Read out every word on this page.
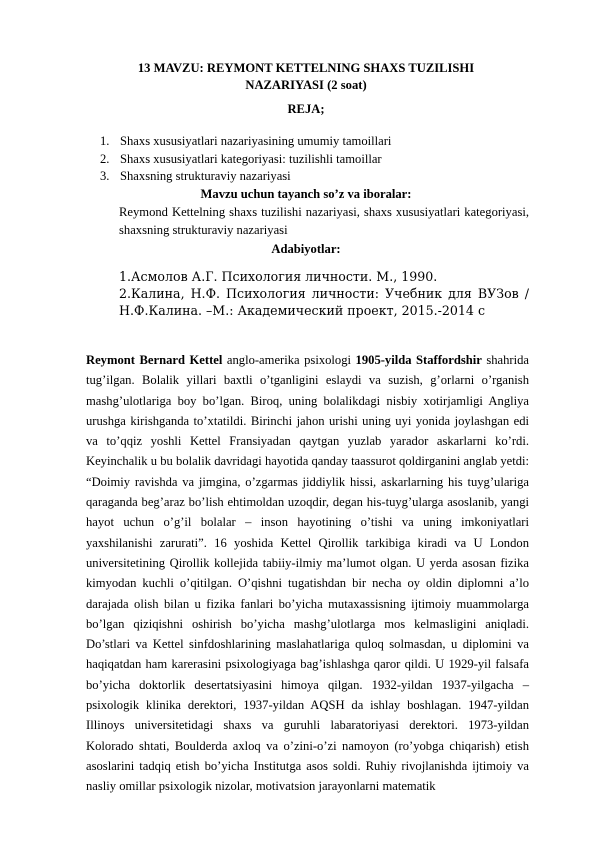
13 MAVZU: REYMONT KETTELNING SHAXS TUZILISHI
NAZARIYASI (2 soat)
REJA;
1. Shaxs xususiyatlari nazariyasining umumiy tamoillari
2. Shaxs xususiyatlari kategoriyasi: tuzilishli tamoillar
3. Shaxsning strukturaviy nazariyasi
Mavzu uchun tayanch so’z va iboralar:
Reymond Kettelning shaxs tuzilishi nazariyasi, shaxs xususiyatlari kategoriyasi, shaxsning strukturaviy nazariyasi
Adabiyotlar:

1.Асмолов А.Г. Психология личности. М., 1990.

2.Калина, Н.Ф. Психология личности: Учебник для ВУЗов / Н.Ф.Калина. –М.: Академический проект, 2015.-2014 с

Reymont Bernard Kettel anglo-amerika psixologi 1905-yilda Staffordshir shahrida tug’ilgan. Bolalik yillari baxtli o’tganligini eslaydi va suzish, g’orlarni o’rganish mashg’ulotlariga boy bo’lgan. Biroq, uning bolalikdagi nisbiy xotirjamligi Angliya urushga kirishganda to’xtatildi. Birinchi jahon urishi uning uyi yonida joylashgan edi va to’qqiz yoshli Kettel Fransiyadan qaytgan yuzlab yarador askarlarni ko’rdi. Keyinchalik u bu bolalik davridagi hayotida qanday taassurot qoldirganini anglab yetdi: “Doimiy ravishda va jimgina, o’zgarmas jiddiylik hissi, askarlarning his tuyg’ulariga qaraganda beg’araz bo’lish ehtimoldan uzoqdir, degan his-tuyg’ularga asoslanib, yangi hayot uchun o’g’il bolalar – inson hayotining o’tishi va uning imkoniyatlari yaxshilanishi zarurati”. 16 yoshida Kettel Qirollik tarkibiga kiradi va U London universitetining Qirollik kollejida tabiiy-ilmiy ma’lumot olgan. U yerda asosan fizika kimyodan kuchli o’qitilgan. O’qishni tugatishdan bir necha oy oldin diplomni a’lo darajada olish bilan u fizika fanlari bo’yicha mutaxassisning ijtimoiy muammolarga bo’lgan qiziqishni oshirish bo’yicha mashg’ulotlarga mos kelmasligini aniqladi. Do’stlari va Kettel sinfdoshlarining maslahatlariga quloq solmasdan, u diplomini va haqiqatdan ham karerasini psixologiyaga bag’ishlashga qaror qildi. U 1929-yil falsafa bo’yicha doktorlik desertatsiyasini himoya qilgan. 1932-yildan 1937-yilgacha – psixologik klinika derektori, 1937-yildan AQSH da ishlay boshlagan. 1947-yildan Illinoys universitetidagi shaxs va guruhli labaratoriyasi derektori. 1973-yildan Kolorado shtati, Boulderda axloq va o’zini-o’zi namoyon (ro’yobga chiqarish) etish asoslarini tadqiq etish bo’yicha Institutga asos soldi. Ruhiy rivojlanishda ijtimoiy va nasliy omillar psixologik nizolar, motivatsion jarayonlarni matematik
